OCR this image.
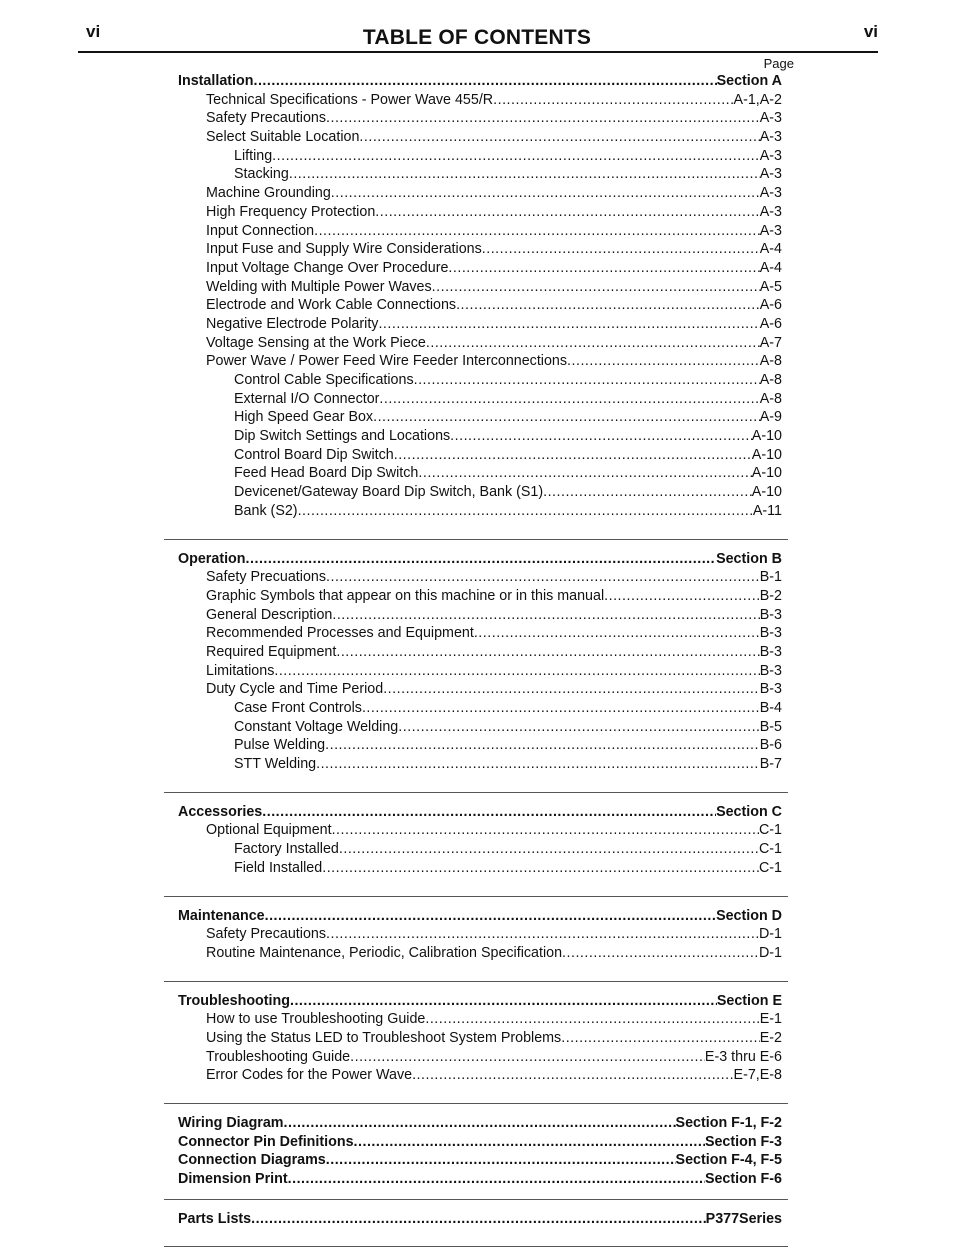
vi	TABLE OF CONTENTS	vi
Page
Installation .....	Section A
Technical Specifications - Power Wave 455/R .....	A-1,A-2
Safety Precautions .....	A-3
Select Suitable Location .....	A-3
Lifting .....	A-3
Stacking .....	A-3
Machine Grounding .....	A-3
High Frequency Protection .....	A-3
Input Connection .....	A-3
Input Fuse and Supply Wire Considerations .....	A-4
Input Voltage Change Over Procedure .....	A-4
Welding with Multiple Power Waves .....	A-5
Electrode and Work Cable Connections .....	A-6
Negative Electrode Polarity .....	A-6
Voltage Sensing at the Work Piece .....	A-7
Power Wave / Power Feed Wire Feeder Interconnections .....	A-8
Control Cable Specifications .....	A-8
External I/O Connector .....	A-8
High Speed Gear Box .....	A-9
Dip Switch Settings and Locations .....	A-10
Control Board Dip Switch .....	A-10
Feed Head Board Dip Switch .....	A-10
Devicenet/Gateway Board Dip Switch, Bank (S1) .....	A-10
Bank (S2) .....	A-11
Operation .....	Section B
Safety Precuations .....	B-1
Graphic Symbols that appear on this machine or in this manual .....	B-2
General Description .....	B-3
Recommended Processes and Equipment .....	B-3
Required Equipment .....	B-3
Limitations .....	B-3
Duty Cycle and Time Period .....	B-3
Case Front Controls .....	B-4
Constant Voltage Welding .....	B-5
Pulse Welding .....	B-6
STT Welding .....	B-7
Accessories .....	Section C
Optional Equipment .....	C-1
Factory Installed .....	C-1
Field Installed .....	C-1
Maintenance .....	Section D
Safety Precautions .....	D-1
Routine Maintenance, Periodic, Calibration Specification .....	D-1
Troubleshooting .....	Section E
How to use Troubleshooting Guide .....	E-1
Using the Status LED to Troubleshoot System Problems .....	E-2
Troubleshooting Guide .....	E-3 thru E-6
Error Codes for the Power Wave .....	E-7,E-8
Wiring Diagram .....	Section F-1, F-2
Connector Pin Definitions .....	Section F-3
Connection Diagrams .....	Section F-4, F-5
Dimension Print .....	Section F-6
Parts Lists .....	P377Series
